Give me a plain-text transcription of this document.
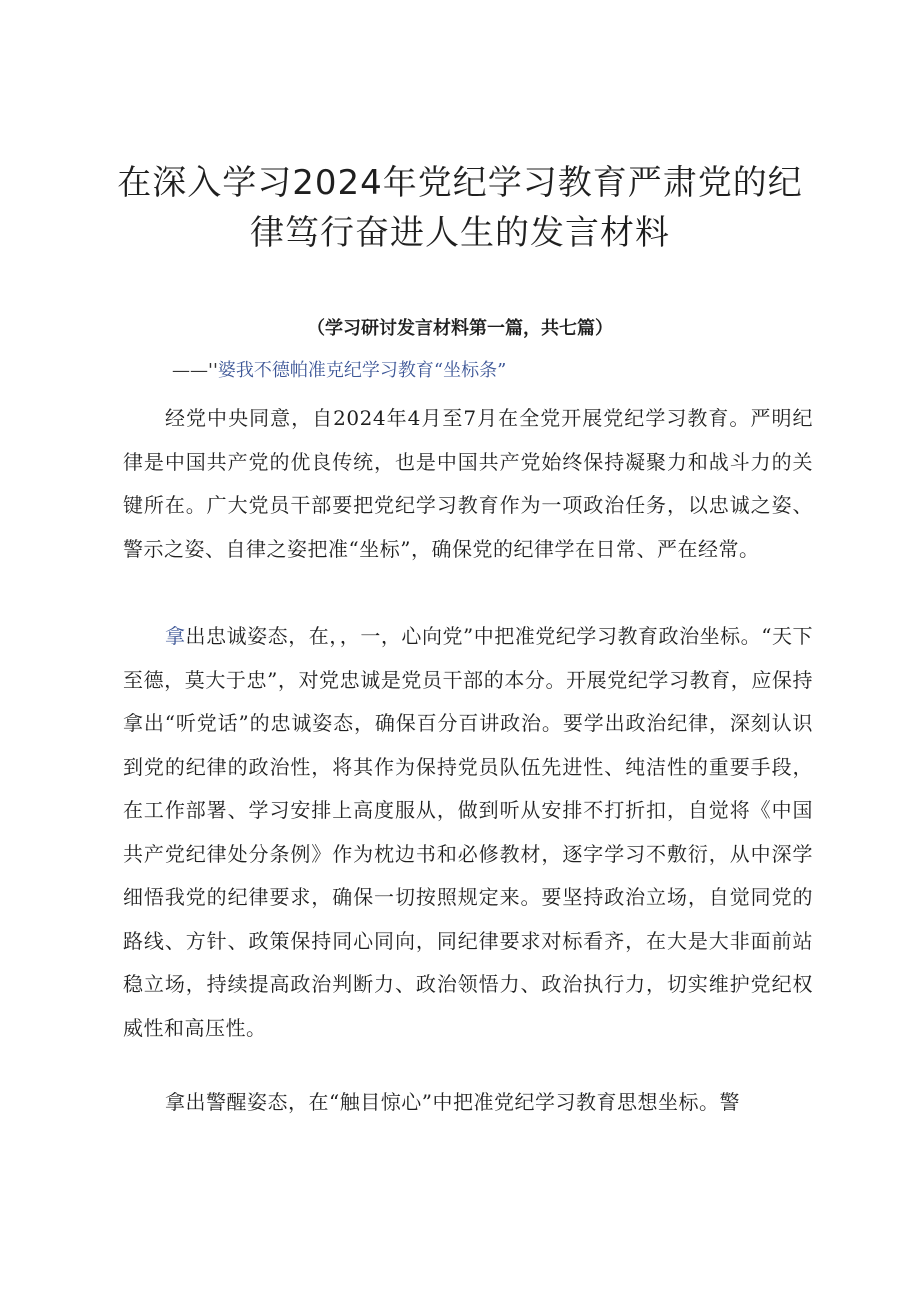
在深入学习2024年党纪学习教育严肃党的纪律笃行奋进人生的发言材料

（学习研讨发言材料第一篇，共七篇）

——''婆我不德帕准克纪学习教育“坐标条”

经党中央同意，自2024年4月至7月在全党开展党纪学习教育。严明纪律是中国共产党的优良传统，也是中国共产党始终保持凝聚力和战斗力的关键所在。广大党员干部要把党纪学习教育作为一项政治任务，以忠诚之姿、警示之姿、自律之姿把准“坐标”，确保党的纪律学在日常、严在经常。

拿出忠诚姿态，在，，一，心向党”中把准党纪学习教育政治坐标。“天下至德，莫大于忠”，对党忠诚是党员干部的本分。开展党纪学习教育，应保持拿出“听党话”的忠诚姿态，确保百分百讲政治。要学出政治纪律，深刻认识到党的纪律的政治性，将其作为保持党员队伍先进性、纯洁性的重要手段，在工作部署、学习安排上高度服从，做到听从安排不打折扣，自觉将《中国共产党纪律处分条例》作为枕边书和必修教材，逐字学习不敷衍，从中深学细悟我党的纪律要求，确保一切按照规定来。要坚持政治立场，自觉同党的路线、方针、政策保持同心同向，同纪律要求对标看齐，在大是大非面前站稳立场，持续提高政治判断力、政治领悟力、政治执行力，切实维护党纪权威性和高压性。

拿出警醒姿态，在“触目惊心”中把准党纪学习教育思想坐标。警
